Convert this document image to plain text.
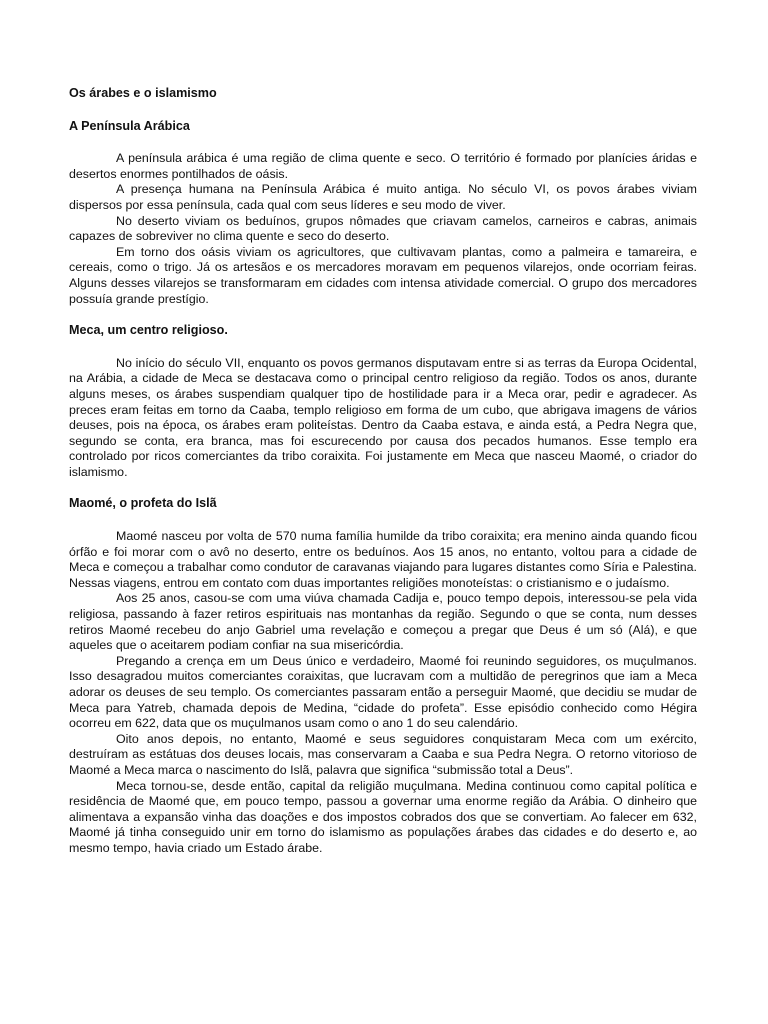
Os árabes e o islamismo
A Península Arábica

A península arábica é uma região de clima quente e seco. O território é formado por planícies áridas e desertos enormes pontilhados de oásis.

A presença humana na Península Arábica é muito antiga. No século VI, os povos árabes viviam dispersos por essa península, cada qual com seus líderes e seu modo de viver.

No deserto viviam os beduínos, grupos nômades que criavam camelos, carneiros e cabras, animais capazes de sobreviver no clima quente e seco do deserto.

Em torno dos oásis viviam os agricultores, que cultivavam plantas, como a palmeira e tamareira, e cereais, como o trigo. Já os artesãos e os mercadores moravam em pequenos vilarejos, onde ocorriam feiras. Alguns desses vilarejos se transformaram em cidades com intensa atividade comercial. O grupo dos mercadores possuía grande prestígio.

Meca, um centro religioso.

No início do século VII, enquanto os povos germanos disputavam entre si as terras da Europa Ocidental, na Arábia, a cidade de Meca se destacava como o principal centro religioso da região. Todos os anos, durante alguns meses, os árabes suspendiam qualquer tipo de hostilidade para ir a Meca orar, pedir e agradecer. As preces eram feitas em torno da Caaba, templo religioso em forma de um cubo, que abrigava imagens de vários deuses, pois na época, os árabes eram politeístas. Dentro da Caaba estava, e ainda está, a Pedra Negra que, segundo se conta, era branca, mas foi escurecendo por causa dos pecados humanos. Esse templo era controlado por ricos comerciantes da tribo coraixita. Foi justamente em Meca que nasceu Maomé, o criador do islamismo.

Maomé, o profeta do Islã

Maomé nasceu por volta de 570 numa família humilde da tribo coraixita; era menino ainda quando ficou órfão e foi morar com o avô no deserto, entre os beduínos. Aos 15 anos, no entanto, voltou para a cidade de Meca e começou a trabalhar como condutor de caravanas viajando para lugares distantes como Síria e Palestina. Nessas viagens, entrou em contato com duas importantes religiões monoteístas: o cristianismo e o judaísmo.

Aos 25 anos, casou-se com uma viúva chamada Cadija e, pouco tempo depois, interessou-se pela vida religiosa, passando à fazer retiros espirituais nas montanhas da região. Segundo o que se conta, num desses retiros Maomé recebeu do anjo Gabriel uma revelação e começou a pregar que Deus é um só (Alá), e que aqueles que o aceitarem podiam confiar na sua misericórdia.

Pregando a crença em um Deus único e verdadeiro, Maomé foi reunindo seguidores, os muçulmanos. Isso desagradou muitos comerciantes coraixitas, que lucravam com a multidão de peregrinos que iam a Meca adorar os deuses de seu templo. Os comerciantes passaram então a perseguir Maomé, que decidiu se mudar de Meca para Yatreb, chamada depois de Medina, “cidade do profeta”. Esse episódio conhecido como Hégira ocorreu em 622, data que os muçulmanos usam como o ano 1 do seu calendário.

Oito anos depois, no entanto, Maomé e seus seguidores conquistaram Meca com um exército, destruíram as estátuas dos deuses locais, mas conservaram a Caaba e sua Pedra Negra. O retorno vitorioso de Maomé a Meca marca o nascimento do Islã, palavra que significa “submissão total a Deus”.

Meca tornou-se, desde então, capital da religião muçulmana. Medina continuou como capital política e residência de Maomé que, em pouco tempo, passou a governar uma enorme região da Arábia. O dinheiro que alimentava a expansão vinha das doações e dos impostos cobrados dos que se convertiam. Ao falecer em 632, Maomé já tinha conseguido unir em torno do islamismo as populações árabes das cidades e do deserto e, ao mesmo tempo, havia criado um Estado árabe.
